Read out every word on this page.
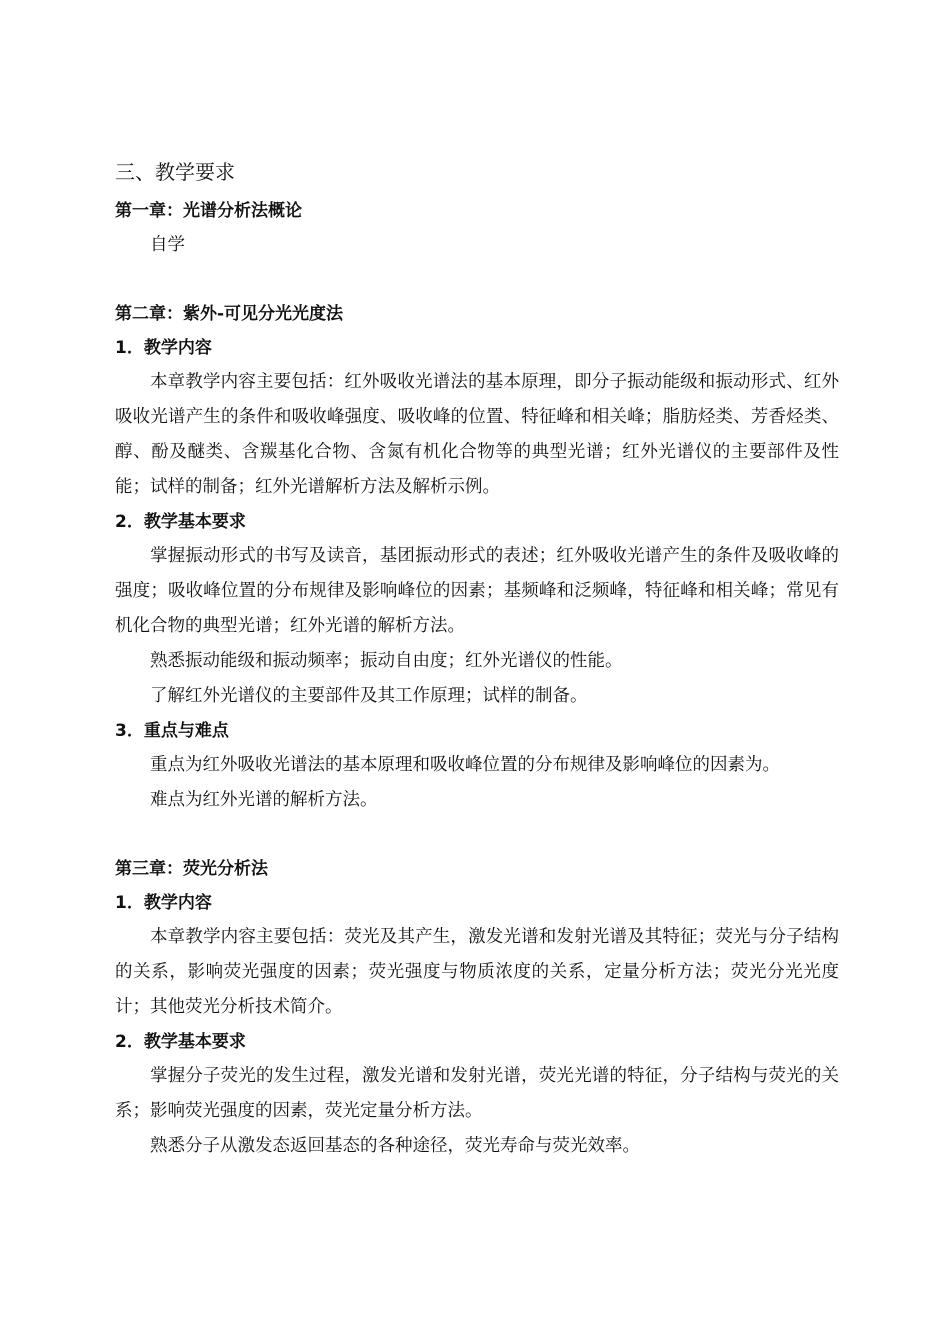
三、教学要求

第一章：光谱分析法概论

自学

第二章：紫外-可见分光光度法

1．教学内容

本章教学内容主要包括：红外吸收光谱法的基本原理，即分子振动能级和振动形式、红外吸收光谱产生的条件和吸收峰强度、吸收峰的位置、特征峰和相关峰；脂肪烃类、芳香烃类、醇、酚及醚类、含羰基化合物、含氮有机化合物等的典型光谱；红外光谱仪的主要部件及性能；试样的制备；红外光谱解析方法及解析示例。

2．教学基本要求

掌握振动形式的书写及读音，基团振动形式的表述；红外吸收光谱产生的条件及吸收峰的强度；吸收峰位置的分布规律及影响峰位的因素；基频峰和泛频峰，特征峰和相关峰；常见有机化合物的典型光谱；红外光谱的解析方法。

熟悉振动能级和振动频率；振动自由度；红外光谱仪的性能。

了解红外光谱仪的主要部件及其工作原理；试样的制备。

3．重点与难点

重点为红外吸收光谱法的基本原理和吸收峰位置的分布规律及影响峰位的因素为。

难点为红外光谱的解析方法。

第三章：荧光分析法

1．教学内容

本章教学内容主要包括：荧光及其产生，激发光谱和发射光谱及其特征；荧光与分子结构的关系，影响荧光强度的因素；荧光强度与物质浓度的关系，定量分析方法；荧光分光光度计；其他荧光分析技术简介。

2．教学基本要求

掌握分子荧光的发生过程，激发光谱和发射光谱，荧光光谱的特征，分子结构与荧光的关系；影响荧光强度的因素，荧光定量分析方法。

熟悉分子从激发态返回基态的各种途径，荧光寿命与荧光效率。
